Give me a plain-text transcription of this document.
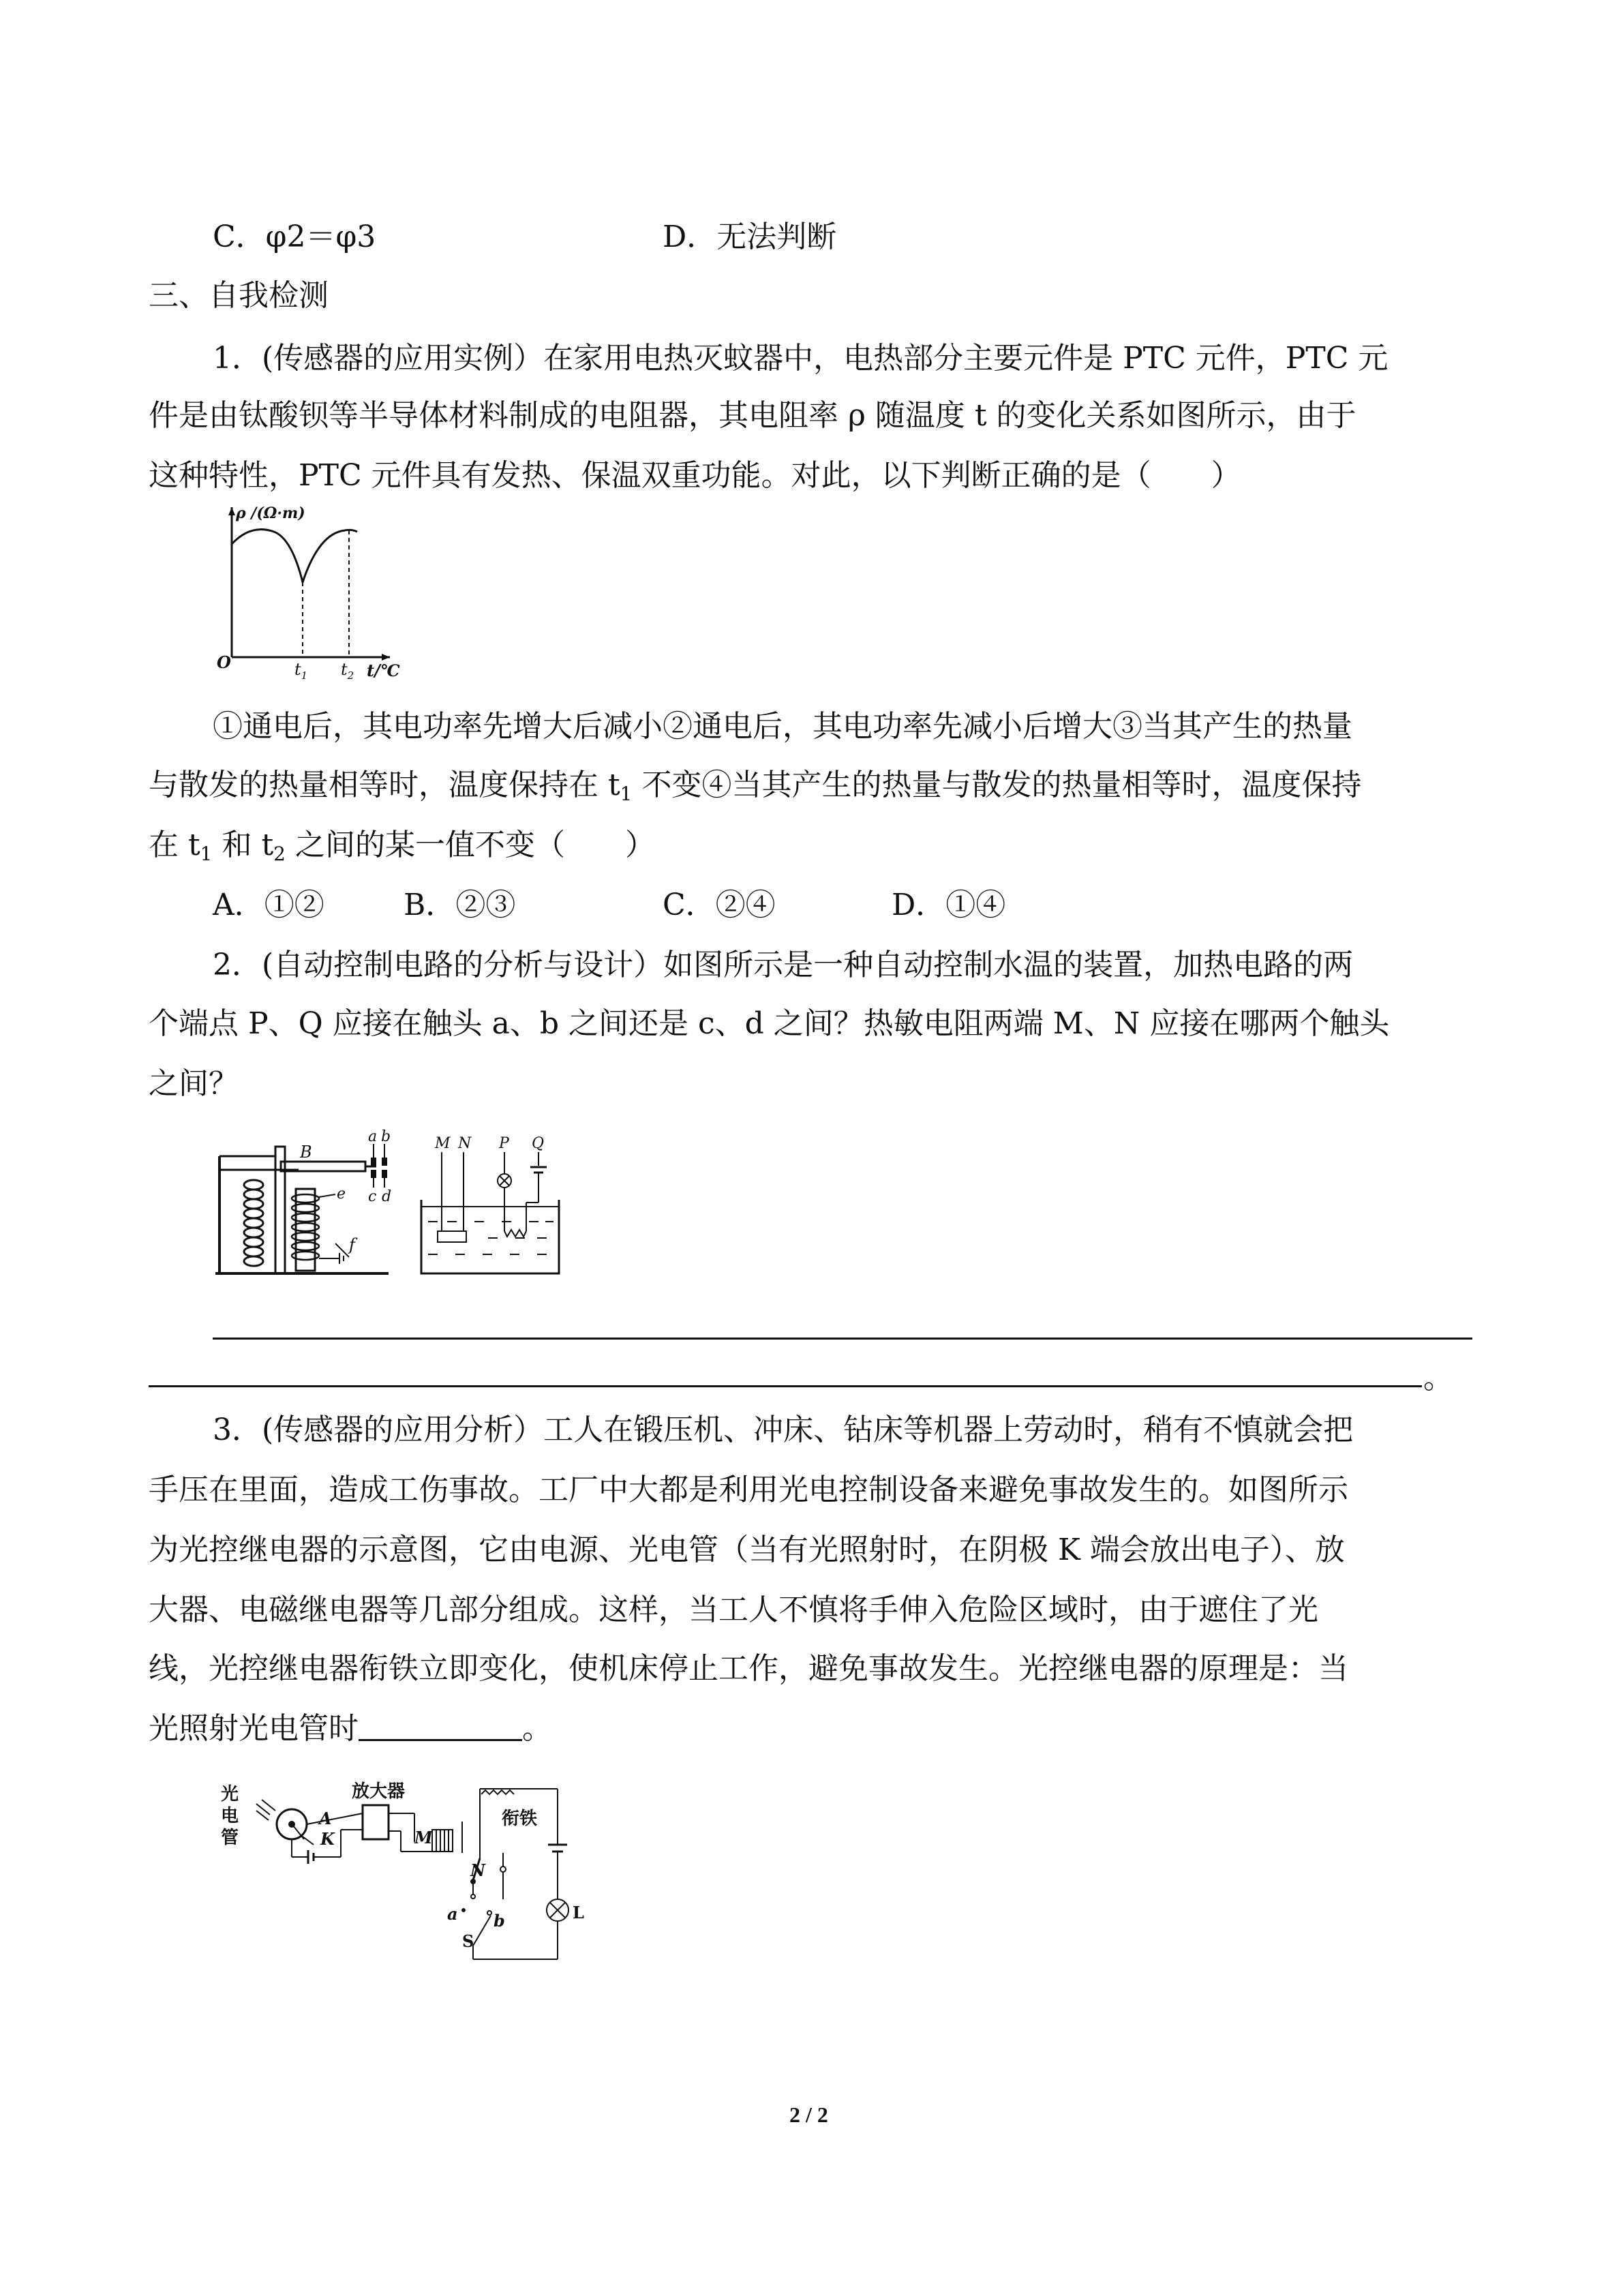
C．φ2＝φ3	D．无法判断
三、自我检测
1．(传感器的应用实例）在家用电热灭蚊器中，电热部分主要元件是 PTC 元件，PTC 元
件是由钛酸钡等半导体材料制成的电阻器，其电阻率 ρ 随温度 t 的变化关系如图所示，由于
这种特性，PTC 元件具有发热、保温双重功能。对此，以下判断正确的是（　　）
ρ /(Ω·m)
O	$t_1$ $t_2$ t/℃
①通电后，其电功率先增大后减小②通电后，其电功率先减小后增大③当其产生的热量
与散发的热量相等时，温度保持在 $t_1$ 不变④当其产生的热量与散发的热量相等时，温度保持
在 $t_1$ 和 $t_2$ 之间的某一值不变（　　）
A．①②	B．②③	C．②④	D．①④
2．(自动控制电路的分析与设计）如图所示是一种自动控制水温的装置，加热电路的两
个端点 P、Q 应接在触头 a、b 之间还是 c、d 之间？热敏电阻两端 M、N 应接在哪两个触头
之间？
B
a b
c d
e
f
M N P Q
。
3．(传感器的应用分析）工人在锻压机、冲床、钻床等机器上劳动时，稍有不慎就会把
手压在里面，造成工伤事故。工厂中大都是利用光电控制设备来避免事故发生的。如图所示
为光控继电器的示意图，它由电源、光电管（当有光照射时，在阴极 K 端会放出电子）、放
大器、电磁继电器等几部分组成。这样，当工人不慎将手伸入危险区域时，由于遮住了光
线，光控继电器衔铁立即变化，使机床停止工作，避免事故发生。光控继电器的原理是：当
光照射光电管时	。
光
电
管
放大器
衔铁
A
K	M
N
a b
S
L
2 / 2
